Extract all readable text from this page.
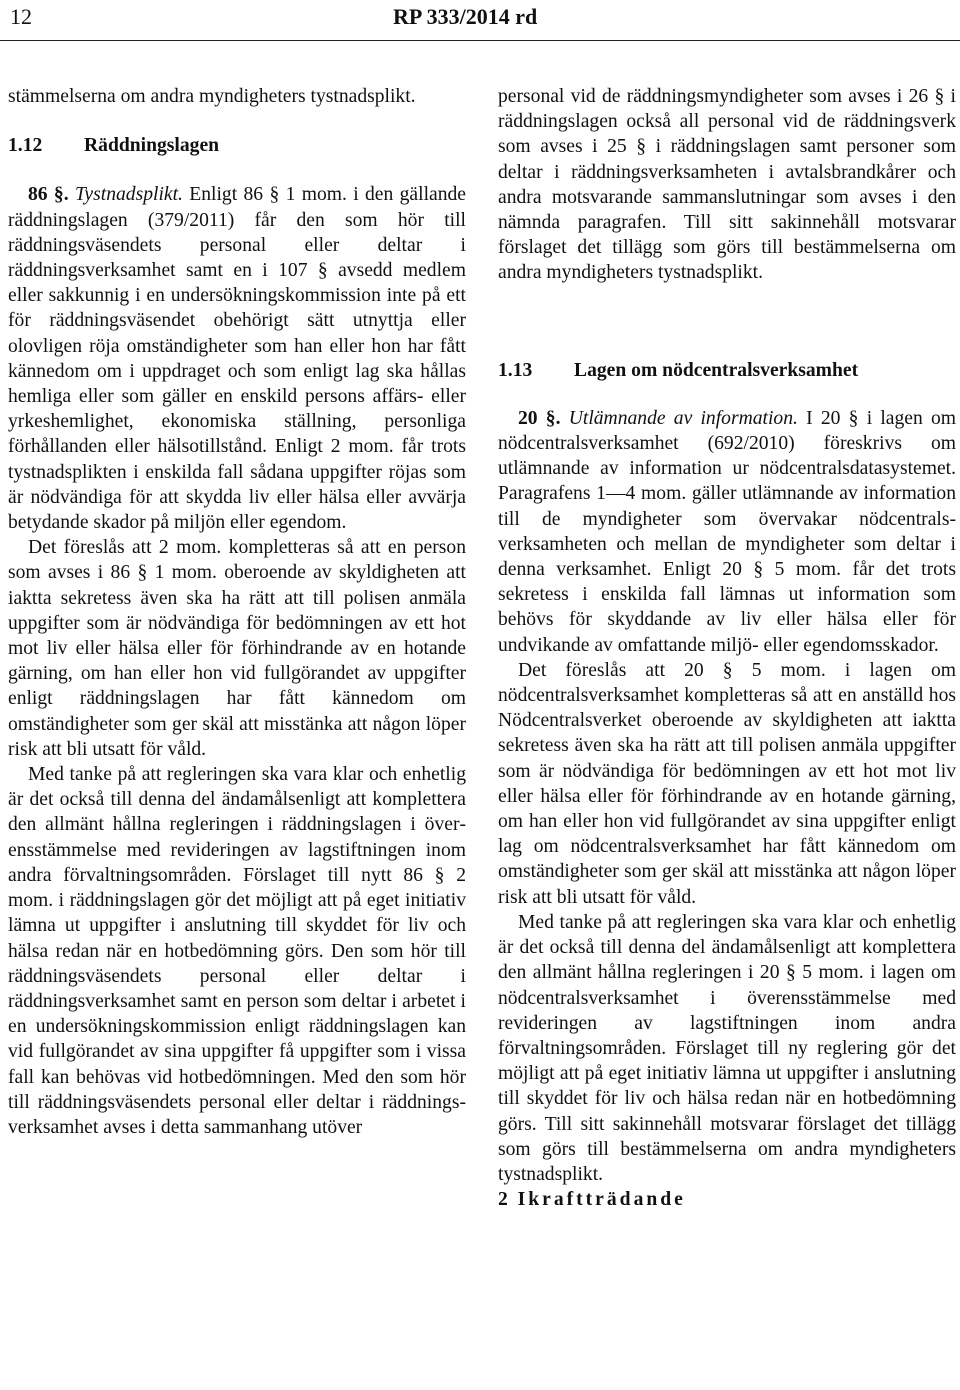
12	RP 333/2014 rd

stämmelserna om andra myndigheters tystnadsplikt.

1.12 Räddningslagen

86 §. Tystnadsplikt. Enligt 86 § 1 mom. i den gällande räddningslagen (379/2011) får den som hör till räddningsväsendets personal eller deltar i räddningsverksamhet samt en i 107 § avsedd medlem eller sakkunnig i en undersökningskommission inte på ett för räddningsväsendet obehörigt sätt utnyttja eller olovligen röja omständigheter som han eller hon har fått kännedom om i uppdraget och som enligt lag ska hållas hemliga eller som gäller en enskild persons affärs- eller yrkeshemlighet, ekonomiska ställning, personliga förhållanden eller hälsotillstånd. Enligt 2 mom. får trots tystnadsplikten i enskilda fall sådana uppgifter röjas som är nödvändiga för att skydda liv eller hälsa eller avvärja betydande skador på miljön eller egendom.

Det föreslås att 2 mom. kompletteras så att en person som avses i 86 § 1 mom. oberoende av skyldigheten att iaktta sekretess även ska ha rätt att till polisen anmäla uppgifter som är nödvändiga för bedömningen av ett hot mot liv eller hälsa eller för förhindrande av en hotande gärning, om han eller hon vid fullgörandet av uppgifter enligt räddningslagen har fått kännedom om omständigheter som ger skäl att misstänka att någon löper risk att bli utsatt för våld.

Med tanke på att regleringen ska vara klar och enhetlig är det också till denna del ändamålsenligt att komplettera den allmänt hållna regleringen i räddningslagen i överensstämmelse med revideringen av lagstiftningen inom andra förvaltningsområden. Förslaget till nytt 86 § 2 mom. i räddningslagen gör det möjligt att på eget initiativ lämna ut uppgifter i anslutning till skyddet för liv och hälsa redan när en hotbedömning görs. Den som hör till räddningsväsendets personal eller deltar i räddningsverksamhet samt en person som deltar i arbetet i en undersökningskommission enligt räddningslagen kan vid fullgörandet av sina uppgifter få uppgifter som i vissa fall kan behövas vid hotbedömningen. Med den som hör till räddningsväsendets personal eller deltar i räddningsverksamhet avses i detta sammanhang utöver

personal vid de räddningsmyndigheter som avses i 26 § i räddningslagen också all personal vid de räddningsverk som avses i 25 § i räddningslagen samt personer som deltar i räddningsverksamheten i avtalsbrandkårer och andra motsvarande sammanslutningar som avses i den nämnda paragrafen. Till sitt sakinnehåll motsvarar förslaget det tillägg som görs till bestämmelserna om andra myndigheters tystnadsplikt.

1.13 Lagen om nödcentralsverksamhet

20 §. Utlämnande av information. I 20 § i lagen om nödcentralsverksamhet (692/2010) föreskrivs om utlämnande av information ur nödcentralsdatasystemet. Paragrafens 1—4 mom. gäller utlämnande av information till de myndigheter som övervakar nödcentralsverksamheten och mellan de myndigheter som deltar i denna verksamhet. Enligt 20 § 5 mom. får det trots sekretess i enskilda fall lämnas ut information som behövs för skyddande av liv eller hälsa eller för undvikande av omfattande miljö- eller egendomsskador.

Det föreslås att 20 § 5 mom. i lagen om nödcentralsverksamhet kompletteras så att en anställd hos Nödcentralsverket oberoende av skyldigheten att iaktta sekretess även ska ha rätt att till polisen anmäla uppgifter som är nödvändiga för bedömningen av ett hot mot liv eller hälsa eller för förhindrande av en hotande gärning, om han eller hon vid fullgörandet av sina uppgifter enligt lag om nödcentralsverksamhet har fått kännedom om omständigheter som ger skäl att misstänka att någon löper risk att bli utsatt för våld.

Med tanke på att regleringen ska vara klar och enhetlig är det också till denna del ändamålsenligt att komplettera den allmänt hållna regleringen i 20 § 5 mom. i lagen om nödcentralsverksamhet i överensstämmelse med revideringen av lagstiftningen inom andra förvaltningsområden. Förslaget till ny reglering gör det möjligt att på eget initiativ lämna ut uppgifter i anslutning till skyddet för liv och hälsa redan när en hotbedömning görs. Till sitt sakinnehåll motsvarar förslaget det tillägg som görs till bestämmelserna om andra myndigheters tystnadsplikt.

2 Ikraftträdande
